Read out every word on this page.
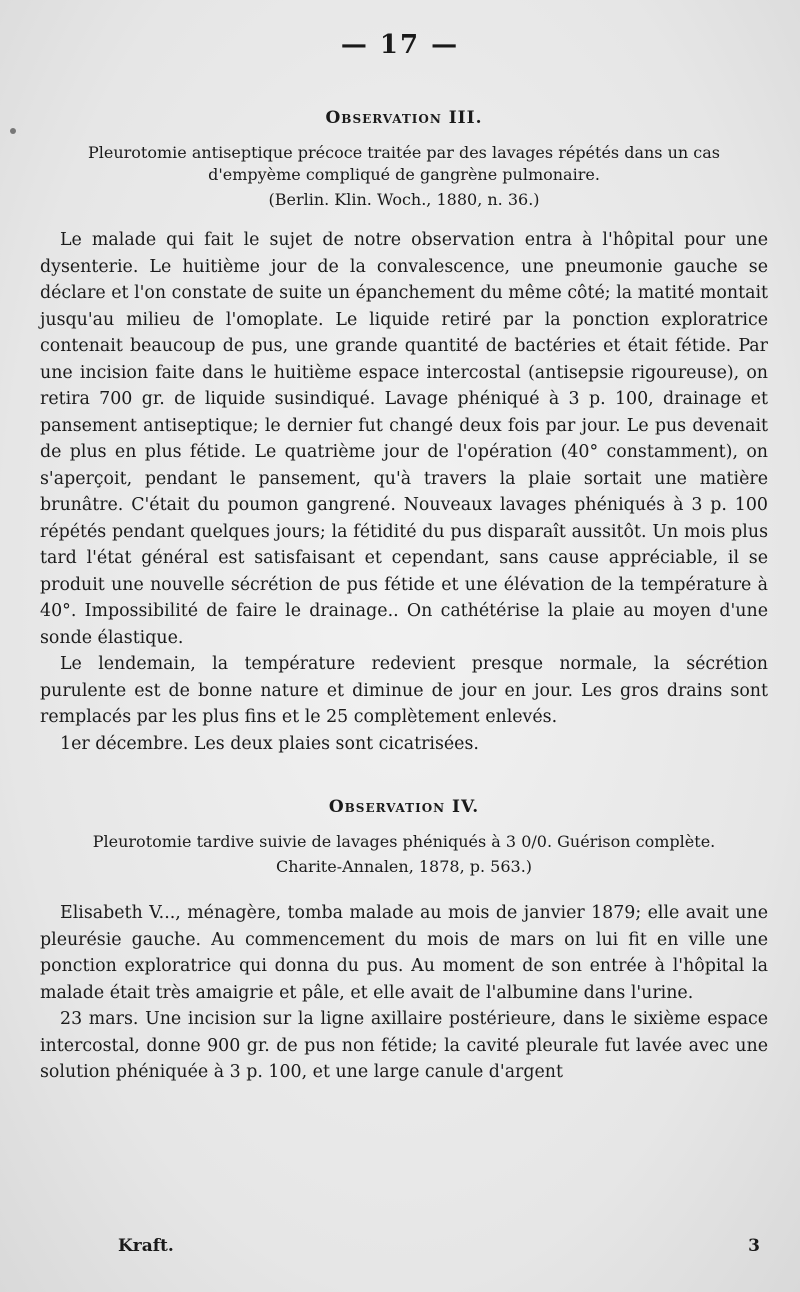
— 17 —
Observation III.

Pleurotomie antiseptique précoce traitée par des lavages répétés dans un cas d'empyème compliqué de gangrène pulmonaire.

(Berlin. Klin. Woch., 1880, n. 36.)

Le malade qui fait le sujet de notre observation entra à l'hôpital pour une dysenterie. Le huitième jour de la convalescence, une pneumonie gauche se déclare et l'on constate de suite un épanchement du même côté; la matité montait jusqu'au milieu de l'omoplate. Le liquide retiré par la ponction exploratrice contenait beaucoup de pus, une grande quantité de bactéries et était fétide. Par une incision faite dans le huitième espace intercostal (antisepsie rigoureuse), on retira 700 gr. de liquide susindiqué. Lavage phéniqué à 3 p. 100, drainage et pansement antiseptique; le dernier fut changé deux fois par jour. Le pus devenait de plus en plus fétide. Le quatrième jour de l'opération (40° constamment), on s'aperçoit, pendant le pansement, qu'à travers la plaie sortait une matière brunâtre. C'était du poumon gangrené. Nouveaux lavages phéniqués à 3 p. 100 répétés pendant quelques jours; la fétidité du pus disparaît aussitôt. Un mois plus tard l'état général est satisfaisant et cependant, sans cause appréciable, il se produit une nouvelle sécrétion de pus fétide et une élévation de la température à 40°. Impossibilité de faire le drainage.. On cathétérise la plaie au moyen d'une sonde élastique.

Le lendemain, la température redevient presque normale, la sécrétion purulente est de bonne nature et diminue de jour en jour. Les gros drains sont remplacés par les plus fins et le 25 complètement enlevés.

1er décembre. Les deux plaies sont cicatrisées.

Observation IV.

Pleurotomie tardive suivie de lavages phéniqués à 3 0/0. Guérison complète.

Charite-Annalen, 1878, p. 563.)

Elisabeth V..., ménagère, tomba malade au mois de janvier 1879; elle avait une pleurésie gauche. Au commencement du mois de mars on lui fit en ville une ponction exploratrice qui donna du pus. Au moment de son entrée à l'hôpital la malade était très amaigrie et pâle, et elle avait de l'albumine dans l'urine.

23 mars. Une incision sur la ligne axillaire postérieure, dans le sixième espace intercostal, donne 900 gr. de pus non fétide; la cavité pleurale fut lavée avec une solution phéniquée à 3 p. 100, et une large canule d'argent

Kraft.	3
